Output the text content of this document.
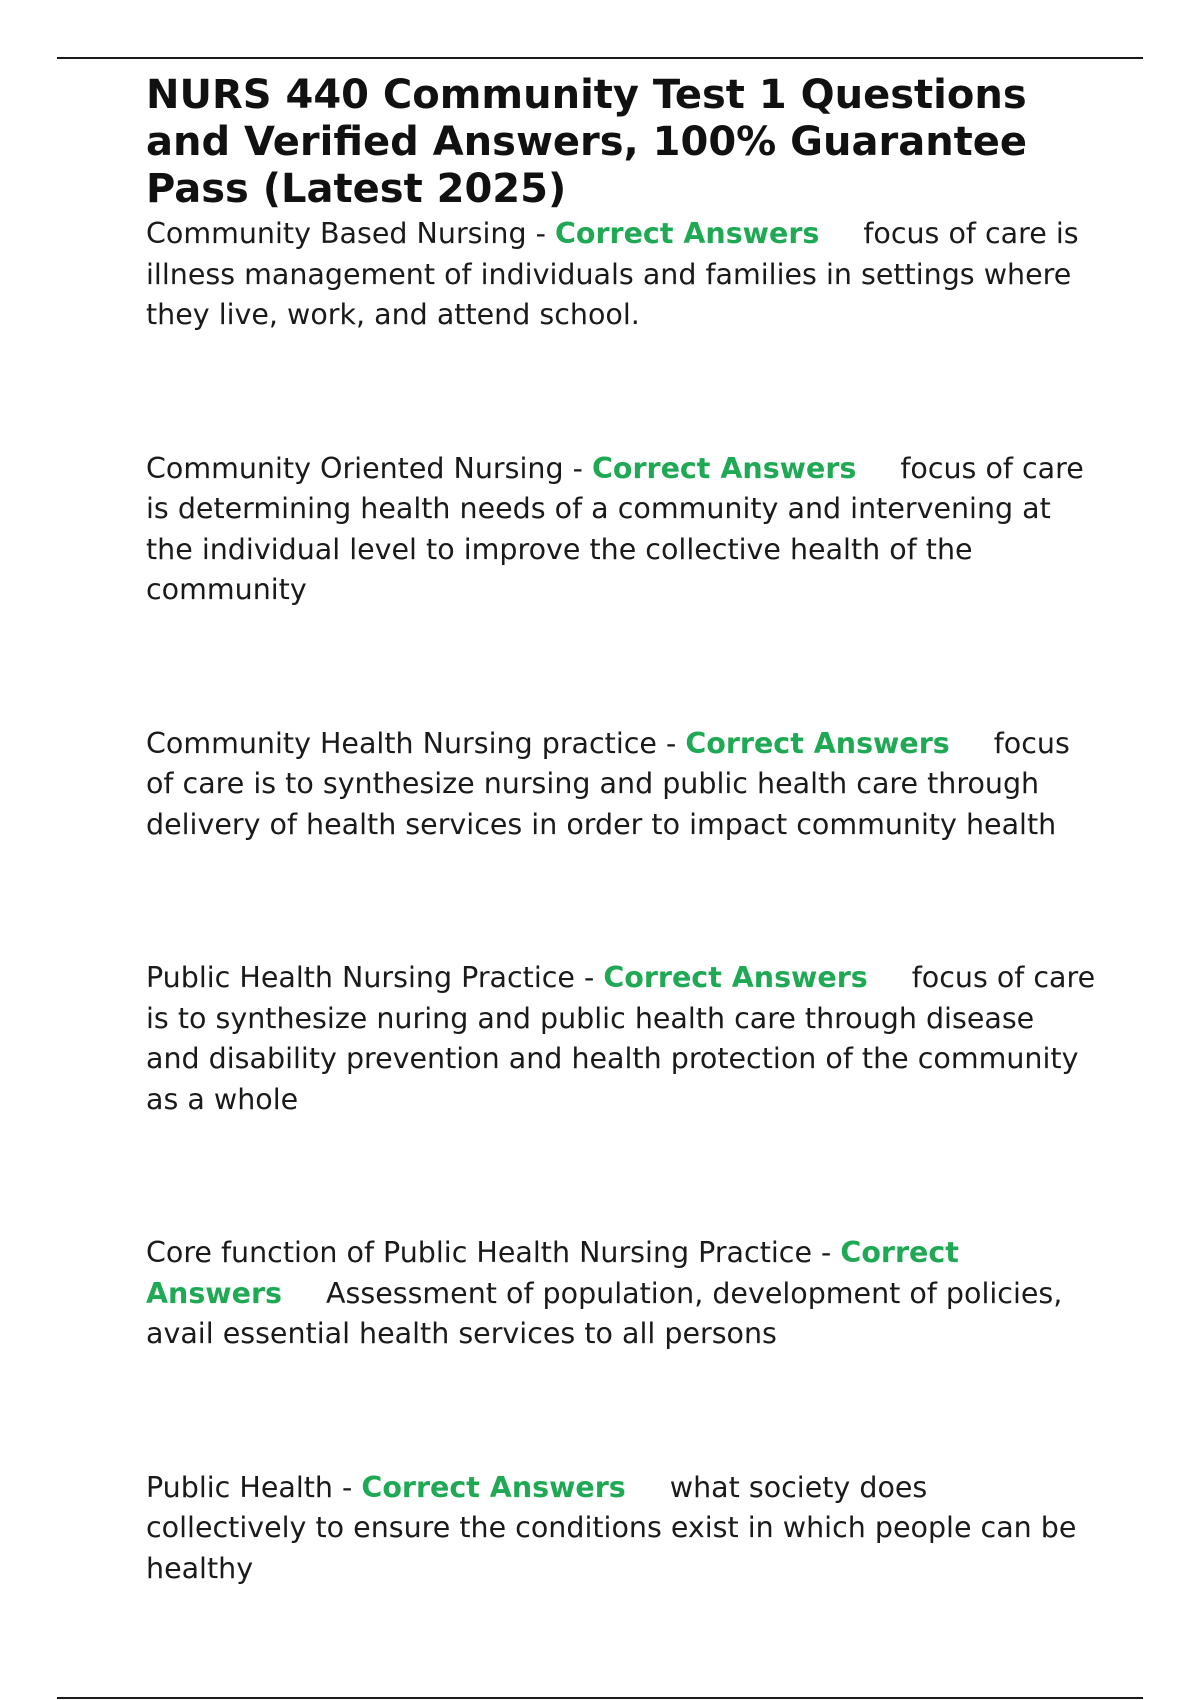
NURS 440 Community Test 1 Questions and Verified Answers, 100% Guarantee Pass (Latest 2025)

Community Based Nursing - Correct Answers focus of care is illness management of individuals and families in settings where they live, work, and attend school.

Community Oriented Nursing - Correct Answers focus of care is determining health needs of a community and intervening at the individual level to improve the collective health of the community

Community Health Nursing practice - Correct Answers focus of care is to synthesize nursing and public health care through delivery of health services in order to impact community health

Public Health Nursing Practice - Correct Answers focus of care is to synthesize nuring and public health care through disease and disability prevention and health protection of the community as a whole

Core function of Public Health Nursing Practice - Correct Answers Assessment of population, development of policies, avail essential health services to all persons

Public Health - Correct Answers what society does collectively to ensure the conditions exist in which people can be healthy
